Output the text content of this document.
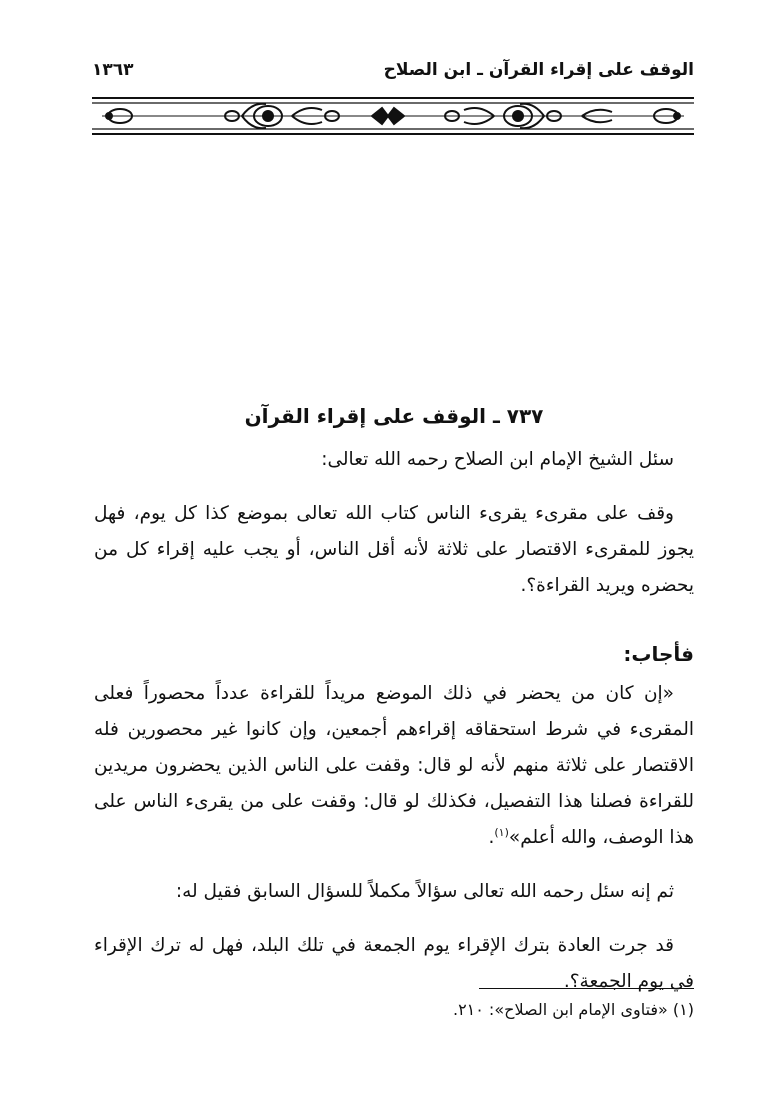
الوقف على إقراء القرآن ـ ابن الصلاح
١٣٦٣

٧٣٧ ـ الوقف على إقراء القرآن

سئل الشيخ الإمام ابن الصلاح رحمه الله تعالى:

وقف على مقرىء يقرىء الناس كتاب الله تعالى بموضع كذا كل يوم، فهل يجوز للمقرىء الاقتصار على ثلاثة لأنه أقل الناس، أو يجب عليه إقراء كل من يحضره ويريد القراءة؟.

فأجاب:

«إن كان من يحضر في ذلك الموضع مريداً للقراءة عدداً محصوراً فعلى المقرىء في شرط استحقاقه إقراءهم أجمعين، وإن كانوا غير محصورين فله الاقتصار على ثلاثة منهم لأنه لو قال: وقفت على الناس الذين يحضرون مريدين للقراءة فصلنا هذا التفصيل، فكذلك لو قال: وقفت على من يقرىء الناس على هذا الوصف، والله أعلم»$^{(١)}$.

ثم إنه سئل رحمه الله تعالى سؤالاً مكملاً للسؤال السابق فقيل له:

قد جرت العادة بترك الإقراء يوم الجمعة في تلك البلد، فهل له ترك الإقراء في يوم الجمعة؟.

(١) «فتاوى الإمام ابن الصلاح»: ٢١٠.
